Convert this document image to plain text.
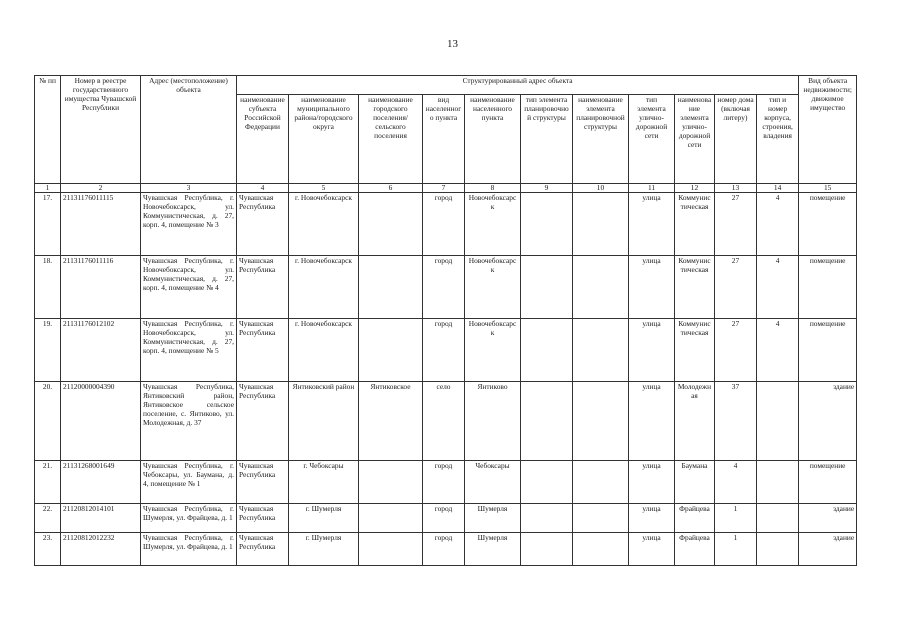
13
№ пп	Номер в реестре государственного имущества Чувашской Республики	Адрес (местоположение) объекта	Структурированный адрес объекта											Вид объекта недвижимости; движимое имущество
			наименование субъекта Российской Федерации	наименование муниципального района/городского округа	наименование городского поселения/сельского поселения	вид населенного пункта	наименование населенного пункта	тип элемента планировочной структуры	наименование элемента планировочной структуры	тип элемента улично-дорожной сети	наименование элемента улично-дорожной сети	номер дома (включая литеру)	тип и номер корпуса, строения, владения	
1	2	3	4	5	6	7	8	9	10	11	12	13	14	15
17.	21131176011115	Чувашская Республика, г. Новочебоксарск, ул. Коммунистическая, д. 27, корп. 4, помещение № 3	Чувашская Республика	г. Новочебоксарск		город	Новочебоксарск			улица	Коммунистическая	27	4	помещение
18.	21131176011116	Чувашская Республика, г. Новочебоксарск, ул. Коммунистическая, д. 27, корп. 4, помещение № 4	Чувашская Республика	г. Новочебоксарск		город	Новочебоксарск			улица	Коммунистическая	27	4	помещение
19.	21131176012102	Чувашская Республика, г. Новочебоксарск, ул. Коммунистическая, д. 27, корп. 4, помещение № 5	Чувашская Республика	г. Новочебоксарск		город	Новочебоксарск			улица	Коммунистическая	27	4	помещение
20.	21120000004390	Чувашская Республика, Янтиковский район, Янтиковское сельское поселение, с. Янтиково, ул. Молодежная, д. 37	Чувашская Республика	Янтиковский район	Янтиковское	село	Янтиково			улица	Молодежная	37		здание
21.	21131268001649	Чувашская Республика, г. Чебоксары, ул. Баумана, д. 4, помещение № 1	Чувашская Республика	г. Чебоксары		город	Чебоксары			улица	Баумана	4		помещение
22.	21120812014101	Чувашская Республика, г. Шумерля, ул. Фрайцева, д. 1	Чувашская Республика	г. Шумерля		город	Шумерля			улица	Фрайцева	1		здание
23.	21120812012232	Чувашская Республика, г. Шумерля, ул. Фрайцева, д. 1	Чувашская Республика	г. Шумерля		город	Шумерля			улица	Фрайцева	1		здание
